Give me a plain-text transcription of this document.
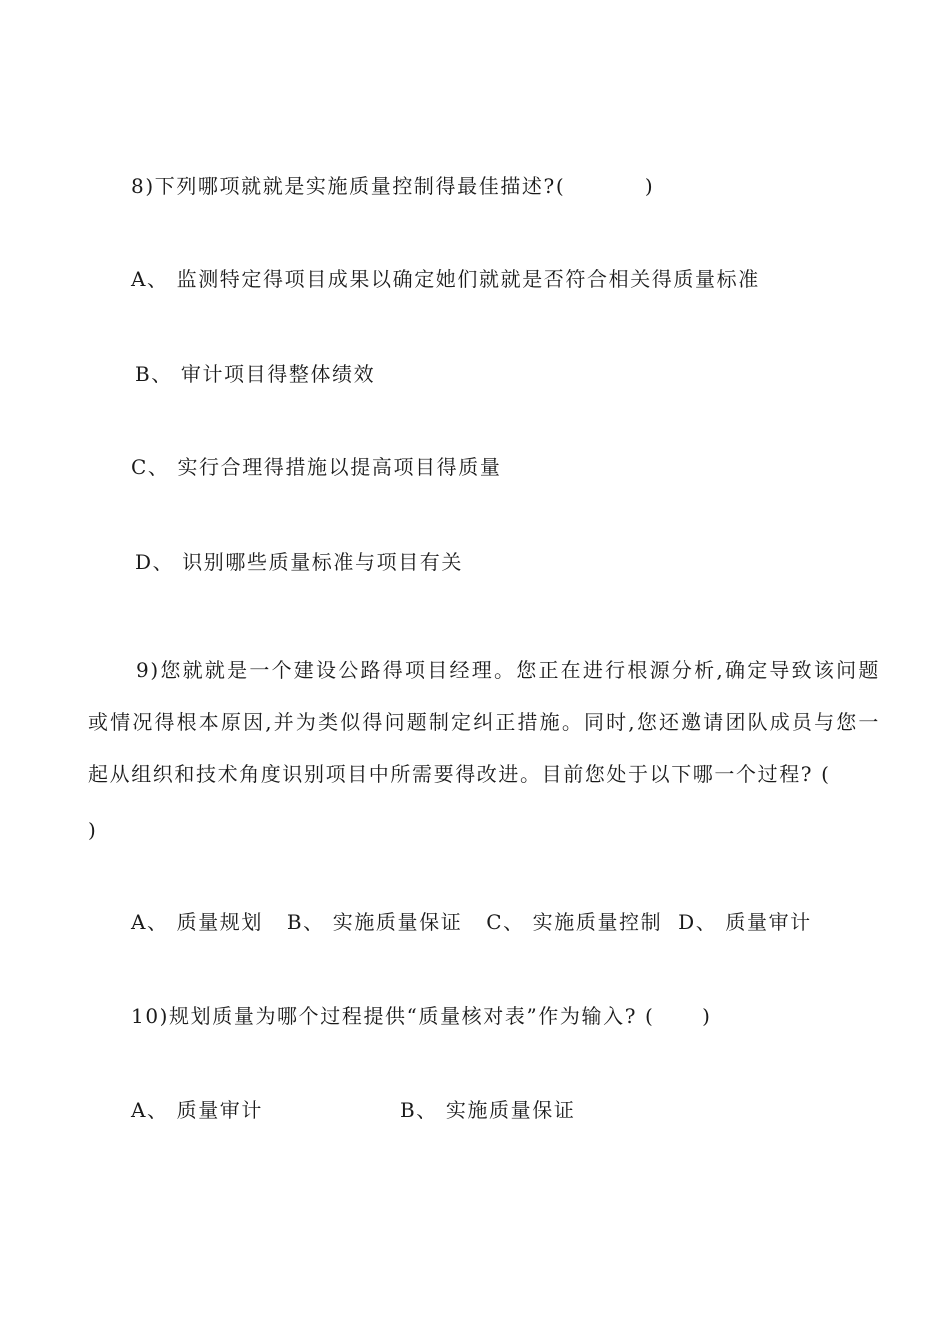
8)下列哪项就就是实施质量控制得最佳描述?(          )
A、 监测特定得项目成果以确定她们就就是否符合相关得质量标准
B、 审计项目得整体绩效
C、 实行合理得措施以提高项目得质量
D、 识别哪些质量标准与项目有关
9)您就就是一个建设公路得项目经理。您正在进行根源分析,确定导致该问题或情况得根本原因,并为类似得问题制定纠正措施。同时,您还邀请团队成员与您一起从组织和技术角度识别项目中所需要得改进。目前您处于以下哪一个过程? (
)
A、 质量规划   B、 实施质量保证   C、 实施质量控制  D、 质量审计
10)规划质量为哪个过程提供“质量核对表”作为输入? (      )
A、 质量审计	B、 实施质量保证
